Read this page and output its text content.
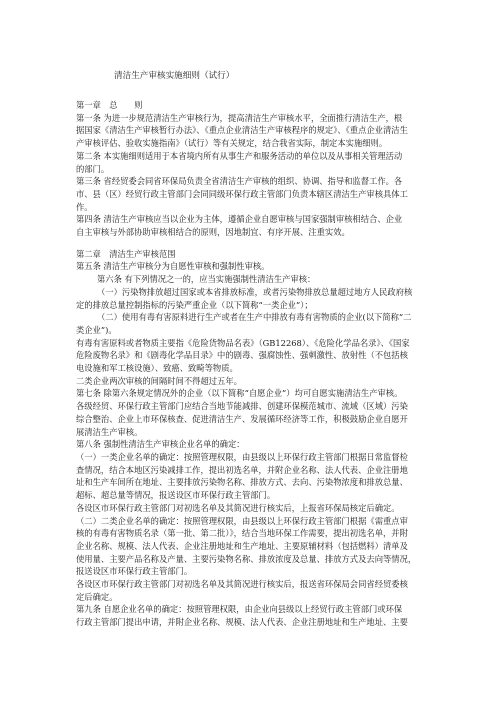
清洁生产审核实施细则（试行）
第一章　总　　则
第一条 为进一步规范清洁生产审核行为，提高清洁生产审核水平，全面推行清洁生产，根
据国家《清洁生产审核暂行办法》、《重点企业清洁生产审核程序的规定》、《重点企业清洁生
产审核评估、验收实施指南》（试行）等有关规定，结合我省实际，制定本实施细则。
第二条 本实施细则适用于本省境内所有从事生产和服务活动的单位以及从事相关管理活动
的部门。
第三条 省经贸委会同省环保局负责全省清洁生产审核的组织、协调、指导和监督工作。各
市、县（区）经贸行政主管部门会同同级环保行政主管部门负责本辖区清洁生产审核具体工
作。
第四条 清洁生产审核应当以企业为主体，遵循企业自愿审核与国家强制审核相结合、企业
自主审核与外部协助审核相结合的原则，因地制宜、有序开展、注重实效。
第二章　清洁生产审核范围
第五条 清洁生产审核分为自愿性审核和强制性审核。
第六条 有下列情况之一的，应当实施强制性清洁生产审核：
（一）污染物排放超过国家或本省排放标准，或者污染物排放总量超过地方人民政府核
定的排放总量控制指标的污染严重企业（以下简称“一类企业”）；
（二）使用有毒有害原料进行生产或者在生产中排放有毒有害物质的企业(以下简称“二
类企业”)。
有毒有害原料或者物质主要指《危险货物品名表》（GB12268）、《危险化学品名录》、《国家
危险废物名录》和《剧毒化学品目录》中的剧毒、强腐蚀性、强刺激性、放射性（不包括核
电设施和军工核设施）、致癌、致畸等物质。
二类企业两次审核的间隔时间不得超过五年。
第七条 除第六条规定情况外的企业（以下简称“自愿企业”）均可自愿实施清洁生产审核。
各级经贸、环保行政主管部门应结合当地节能减排、创建环保模范城市、流域（区域）污染
综合整治、企业上市环保核查、促进清洁生产、发展循环经济等工作，积极鼓励企业自愿开
展清洁生产审核。
第八条 强制性清洁生产审核企业名单的确定：
（一）一类企业名单的确定：按照管理权限，由县级以上环保行政主管部门根据日常监督检
查情况，结合本地区污染减排工作，提出初选名单，并附企业名称、法人代表、企业注册地
址和生产车间所在地址、主要排放污染物名称、排放方式、去向、污染物浓度和排放总量、
超标、超总量等情况，报送设区市环保行政主管部门。
各设区市环保行政主管部门对初选名单及其简况进行核实后，上报省环保局核定后确定。
（二）二类企业名单的确定：按照管理权限，由县级以上环保行政主管部门根据《需重点审
核的有毒有害物质名录（第一批、第二批）》，结合当地环保工作需要，提出初选名单，并附
企业名称、规模、法人代表、企业注册地址和生产地址、主要原辅材料（包括燃料）清单及
使用量、主要产品名称及产量、主要污染物名称、排放浓度及总量、排放方式及去向等情况，
报送设区市环保行政主管部门。
各设区市环保行政主管部门对初选名单及其简况进行核实后，报送省环保局会同省经贸委核
定后确定。
第九条 自愿企业名单的确定：按照管理权限，由企业向县级以上经贸行政主管部门或环保
行政主管部门提出申请，并附企业名称、规模、法人代表、企业注册地址和生产地址、主要
